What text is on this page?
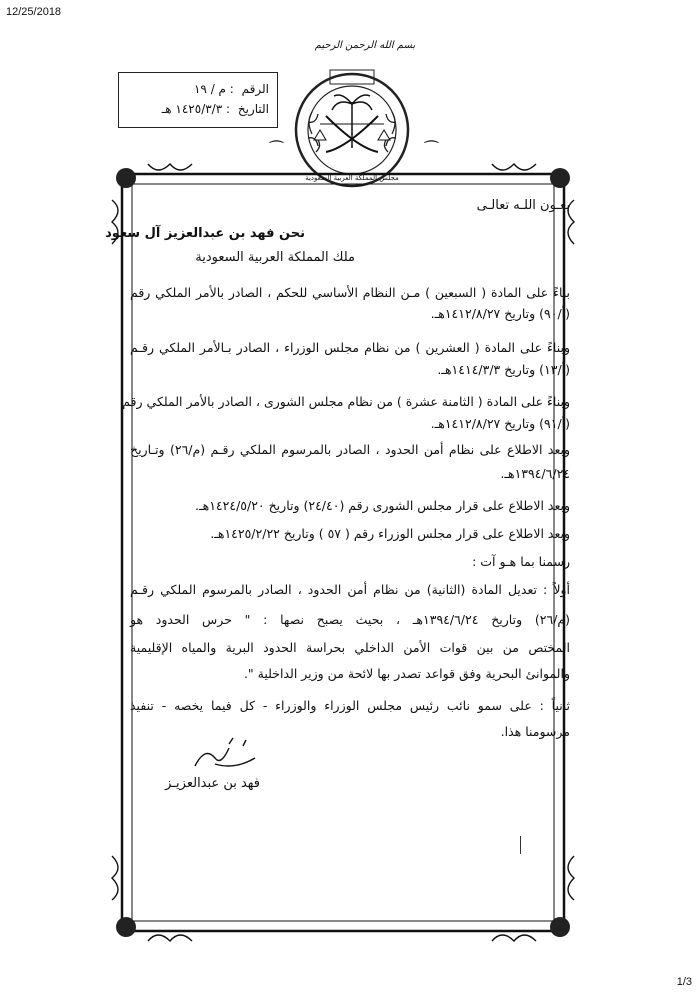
12/25/2018
بسم الله الرحمن الرحيم
الرقم : م / ١٩
التاريخ : ١٤٢٥/٣/٣ هـ
مجلس المملكة العربية السعودية
⁀	⁀
بعـون اللـه تعالـى
نحن فهد بن عبدالعزيز آل سعود
ملك المملكة العربية السعودية
بناءً على المادة ( السبعين ) مـن النظام الأساسي للحكم ، الصادر بالأمر الملكي رقم
(أ/٩٠) وتاريخ ١٤١٢/٨/٢٧هـ.
وبناءً على المادة ( العشرين ) من نظام مجلس الوزراء ، الصادر بـالأمر الملكي رقـم
(أ/١٣) وتاريخ ١٤١٤/٣/٣هـ.
وبناءً على المادة ( الثامنة عشرة ) من نظام مجلس الشورى ، الصادر بالأمر الملكي رقم
(أ/٩١) وتاريخ ١٤١٢/٨/٢٧هـ.
وبعد الاطلاع على نظام أمن الحدود ، الصادر بالمرسوم الملكي رقـم (م/٢٦) وتـاريخ
١٣٩٤/٦/٢٤هـ.
وبعد الاطلاع على قرار مجلس الشورى رقم (٢٤/٤٠) وتاريخ ١٤٢٤/٥/٢٠هـ.
وبعد الاطلاع على قرار مجلس الوزراء رقم ( ٥٧ ) وتاريخ ١٤٢٥/٢/٢٢هـ.
رسمنا بما هـو آت :
أولاً : تعديل المادة (الثانية) من نظام أمن الحدود ، الصادر بالمرسوم الملكي رقـم
(م/٢٦) وتاريخ ١٣٩٤/٦/٢٤هـ ، بحيث يصبح نصها : " حرس الحدود هو
المختص من بين قوات الأمن الداخلي بحراسة الحدود البرية والمياه الإقليمية
والموانئ البحرية وفق قواعد تصدر بها لائحة من وزير الداخلية ".
ثانياً : على سمو نائب رئيس مجلس الوزراء والوزراء - كل فيما يخصه - تنفيذ
مرسومنا هذا.
فهد بن عبدالعزيـز
1/3
